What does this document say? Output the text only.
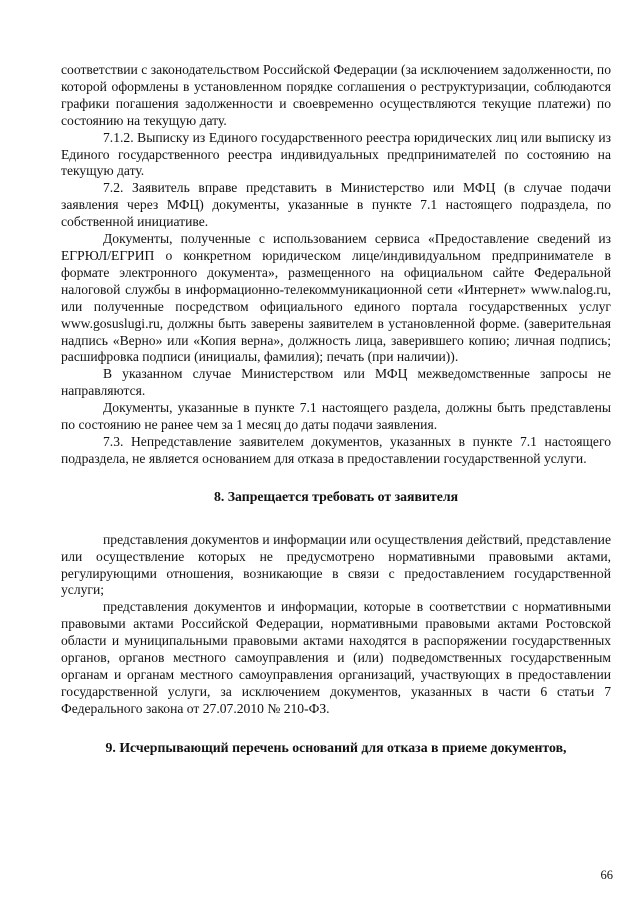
соответствии с законодательством Российской Федерации (за исключением задолженности, по которой оформлены в установленном порядке соглашения о реструктуризации, соблюдаются графики погашения задолженности и своевременно осуществляются текущие платежи) по состоянию на текущую дату.

7.1.2. Выписку из Единого государственного реестра юридических лиц или выписку из Единого государственного реестра индивидуальных предпринимателей по состоянию на текущую дату.

7.2. Заявитель вправе представить в Министерство или МФЦ (в случае подачи заявления через МФЦ) документы, указанные в пункте 7.1 настоящего подраздела, по собственной инициативе.

Документы, полученные с использованием сервиса «Предоставление сведений из ЕГРЮЛ/ЕГРИП о конкретном юридическом лице/индивидуальном предпринимателе в формате электронного документа», размещенного на официальном сайте Федеральной налоговой службы в информационно-телекоммуникационной сети «Интернет» www.nalog.ru, или полученные посредством официального единого портала государственных услуг www.gosuslugi.ru, должны быть заверены заявителем в установленной форме. (заверительная надпись «Верно» или «Копия верна», должность лица, заверившего копию; личная подпись; расшифровка подписи (инициалы, фамилия); печать (при наличии)).

В указанном случае Министерством или МФЦ межведомственные запросы не направляются.

Документы, указанные в пункте 7.1 настоящего раздела, должны быть представлены по состоянию не ранее чем за 1 месяц до даты подачи заявления.

7.3. Непредставление заявителем документов, указанных в пункте 7.1 настоящего подраздела, не является основанием для отказа в предоставлении государственной услуги.

8. Запрещается требовать от заявителя

представления документов и информации или осуществления действий, представление или осуществление которых не предусмотрено нормативными правовыми актами, регулирующими отношения, возникающие в связи с предоставлением государственной услуги;

представления документов и информации, которые в соответствии с нормативными правовыми актами Российской Федерации, нормативными правовыми актами Ростовской области и муниципальными правовыми актами находятся в распоряжении государственных органов, органов местного самоуправления и (или) подведомственных государственным органам и органам местного самоуправления организаций, участвующих в предоставлении государственной услуги, за исключением документов, указанных в части 6 статьи 7 Федерального закона от 27.07.2010 № 210-ФЗ.

9. Исчерпывающий перечень оснований для отказа в приеме документов,
66
